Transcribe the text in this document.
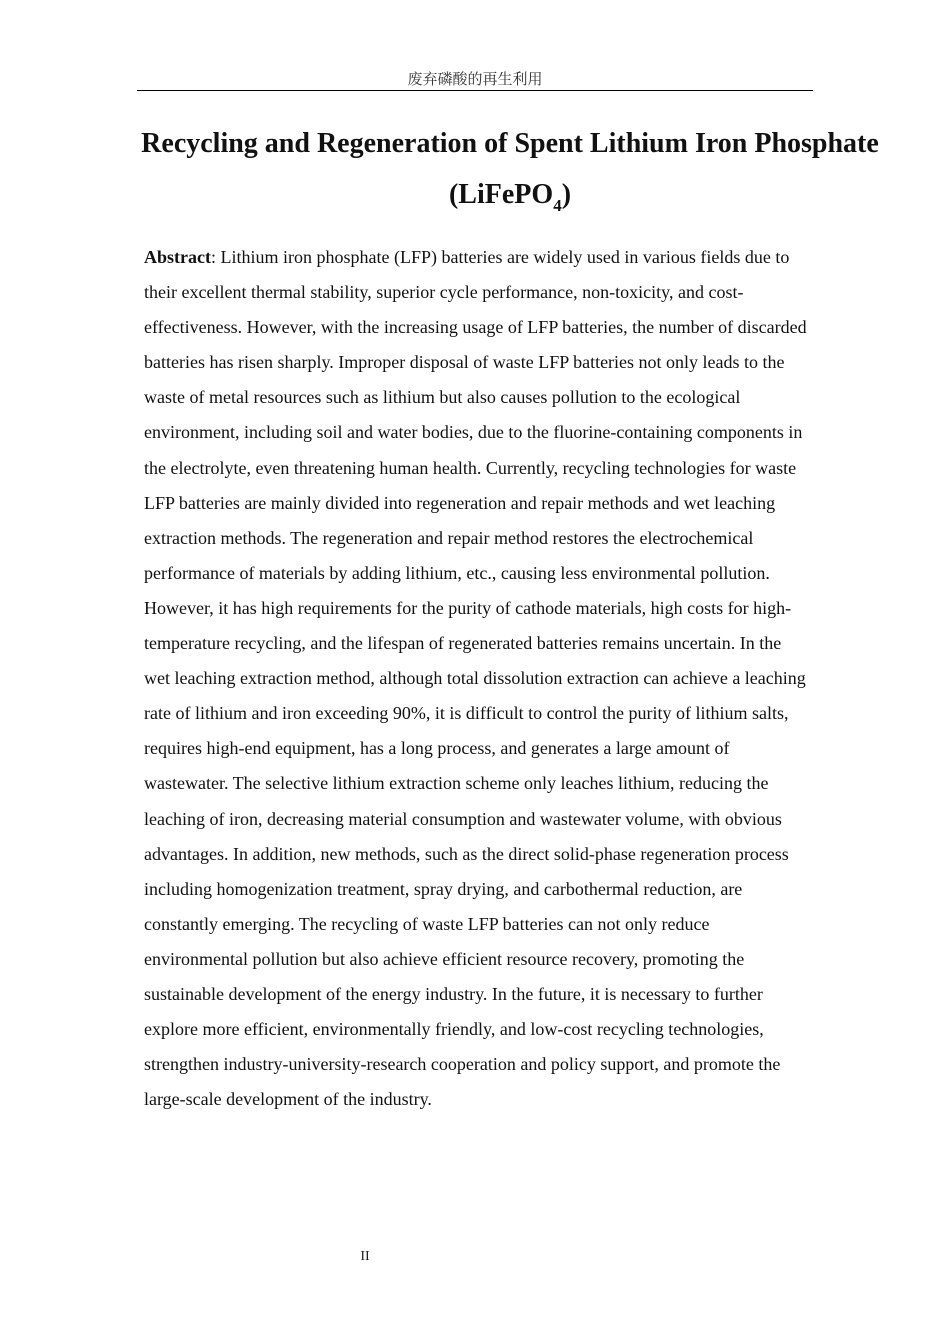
废弃磷酸的再生利用
Recycling and Regeneration of Spent Lithium Iron Phosphate (LiFePO$_4$)

Abstract: Lithium iron phosphate (LFP) batteries are widely used in various fields due to their excellent thermal stability, superior cycle performance, non-toxicity, and cost-effectiveness. However, with the increasing usage of LFP batteries, the number of discarded batteries has risen sharply. Improper disposal of waste LFP batteries not only leads to the waste of metal resources such as lithium but also causes pollution to the ecological environment, including soil and water bodies, due to the fluorine-containing components in the electrolyte, even threatening human health. Currently, recycling technologies for waste LFP batteries are mainly divided into regeneration and repair methods and wet leaching extraction methods. The regeneration and repair method restores the electrochemical performance of materials by adding lithium, etc., causing less environmental pollution. However, it has high requirements for the purity of cathode materials, high costs for high-temperature recycling, and the lifespan of regenerated batteries remains uncertain. In the wet leaching extraction method, although total dissolution extraction can achieve a leaching rate of lithium and iron exceeding 90%, it is difficult to control the purity of lithium salts, requires high-end equipment, has a long process, and generates a large amount of wastewater. The selective lithium extraction scheme only leaches lithium, reducing the leaching of iron, decreasing material consumption and wastewater volume, with obvious advantages. In addition, new methods, such as the direct solid-phase regeneration process including homogenization treatment, spray drying, and carbothermal reduction, are constantly emerging. The recycling of waste LFP batteries can not only reduce environmental pollution but also achieve efficient resource recovery, promoting the sustainable development of the energy industry. In the future, it is necessary to further explore more efficient, environmentally friendly, and low-cost recycling technologies, strengthen industry-university-research cooperation and policy support, and promote the large-scale development of the industry.

II
